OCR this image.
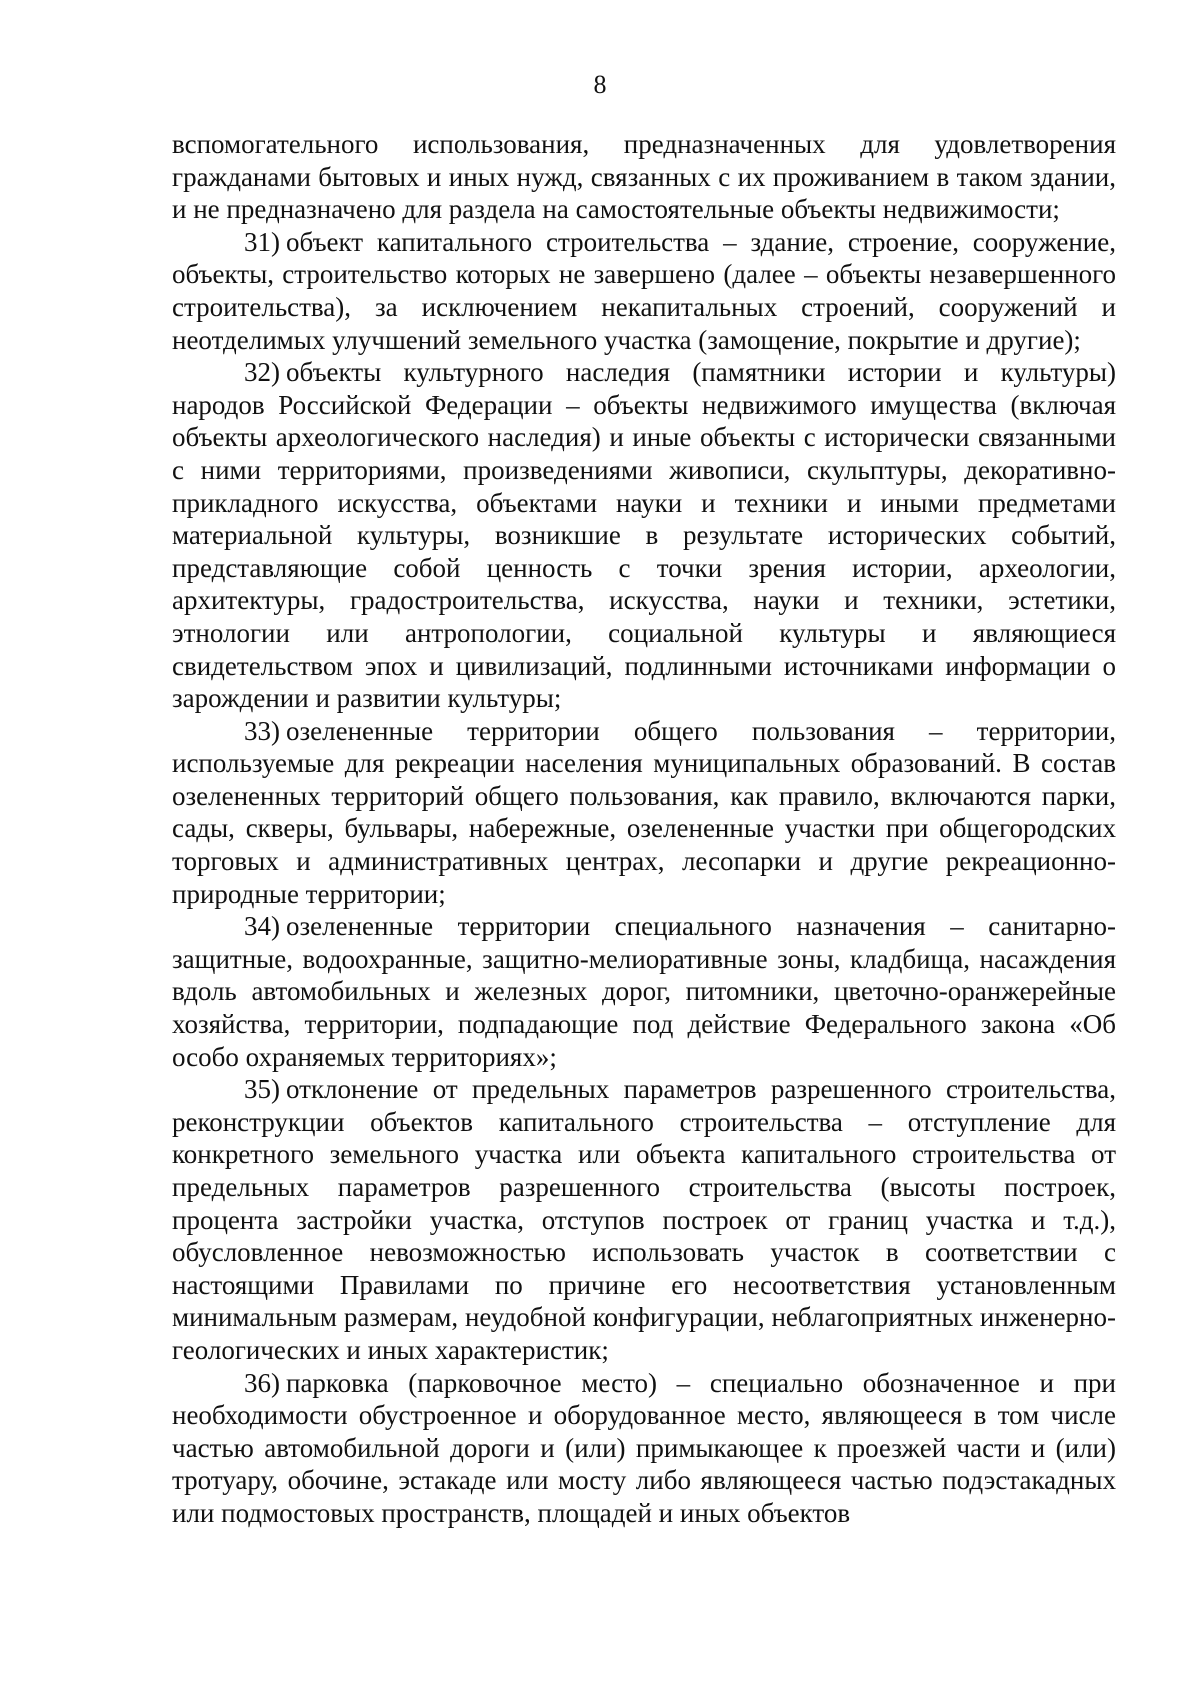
8

вспомогательного использования, предназначенных для удовлетворения гражданами бытовых и иных нужд, связанных с их проживанием в таком здании, и не предназначено для раздела на самостоятельные объекты недвижимости;

31) объект капитального строительства – здание, строение, сооружение, объекты, строительство которых не завершено (далее – объекты незавершенного строительства), за исключением некапитальных строений, сооружений и неотделимых улучшений земельного участка (замощение, покрытие и другие);

32) объекты культурного наследия (памятники истории и культуры) народов Российской Федерации – объекты недвижимого имущества (включая объекты археологического наследия) и иные объекты с исторически связанными с ними территориями, произведениями живописи, скульптуры, декоративно-прикладного искусства, объектами науки и техники и иными предметами материальной культуры, возникшие в результате исторических событий, представляющие собой ценность с точки зрения истории, археологии, архитектуры, градостроительства, искусства, науки и техники, эстетики, этнологии или антропологии, социальной культуры и являющиеся свидетельством эпох и цивилизаций, подлинными источниками информации о зарождении и развитии культуры;

33) озелененные территории общего пользования – территории, используемые для рекреации населения муниципальных образований. В состав озелененных территорий общего пользования, как правило, включаются парки, сады, скверы, бульвары, набережные, озелененные участки при общегородских торговых и административных центрах, лесопарки и другие рекреационно-природные территории;

34) озелененные территории специального назначения – санитарно-защитные, водоохранные, защитно-мелиоративные зоны, кладбища, насаждения вдоль автомобильных и железных дорог, питомники, цветочно-оранжерейные хозяйства, территории, подпадающие под действие Федерального закона «Об особо охраняемых территориях»;

35) отклонение от предельных параметров разрешенного строительства, реконструкции объектов капитального строительства – отступление для конкретного земельного участка или объекта капитального строительства от предельных параметров разрешенного строительства (высоты построек, процента застройки участка, отступов построек от границ участка и т.д.), обусловленное невозможностью использовать участок в соответствии с настоящими Правилами по причине его несоответствия установленным минимальным размерам, неудобной конфигурации, неблагоприятных инженерно-геологических и иных характеристик;

36) парковка (парковочное место) – специально обозначенное и при необходимости обустроенное и оборудованное место, являющееся в том числе частью автомобильной дороги и (или) примыкающее к проезжей части и (или) тротуару, обочине, эстакаде или мосту либо являющееся частью подэстакадных или подмостовых пространств, площадей и иных объектов
